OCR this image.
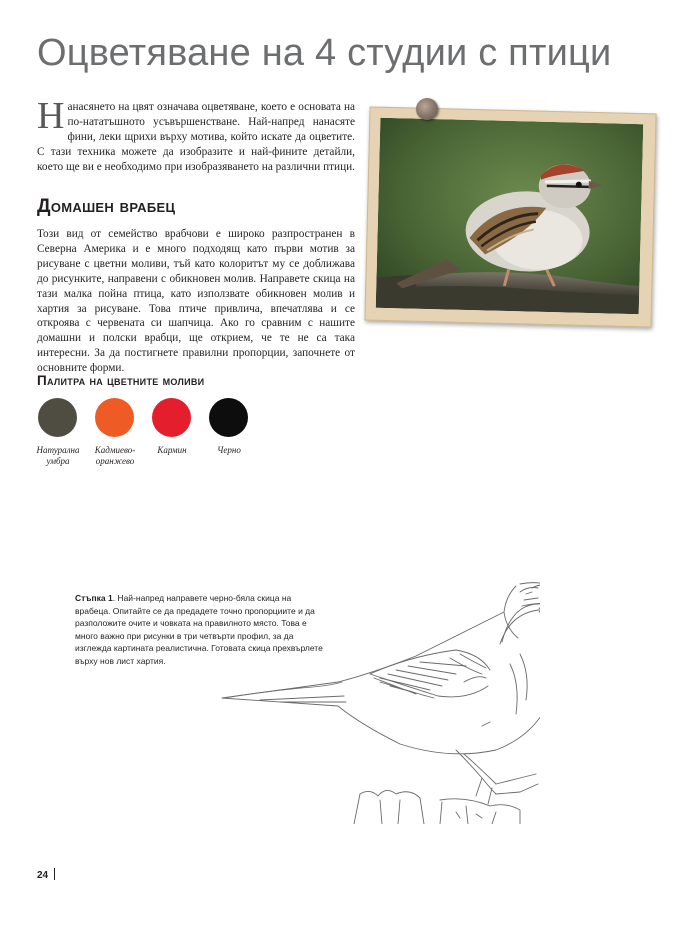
Оцветяване на 4 студии с птици
Нанасянето на цвят означава оцветяване, което е основата на по-нататъшното усъвършенстване. Най-напред нанасяте фини, леки щрихи върху мотива, който искате да оцветите. С тази техника можете да изобразите и най-фините детайли, което ще ви е необходимо при изобразяването на различни птици.
Домашен врабец
Този вид от семейство врабчови е широко разпространен в Северна Америка и е много подходящ като първи мотив за рисуване с цветни моливи, тъй като колоритът му се доближава до рисунките, направени с обикновен молив. Направете скица на тази малка пойна птица, като използвате обикновен молив и хартия за рисуване. Това птиче привлича, впечатлява и се откроява с червената си шапчица. Ако го сравним с нашите домашни и полски врабци, ще открием, че те не са така интересни. За да постигнете правилни пропорции, започнете от основните форми.
Палитра на цветните моливи
Натурална
умбра
Кадмиево-
оранжево
Кармин	Черно
Стъпка 1. Най-напред направете черно-бяла скица на врабеца. Опитайте се да предадете точно пропорциите и да разположите очите и човката на правилното място. Това е много важно при рисунки в три четвърти профил, за да изглежда картината реалистична. Готовата скица прехвърлете върху нов лист хартия.
24
